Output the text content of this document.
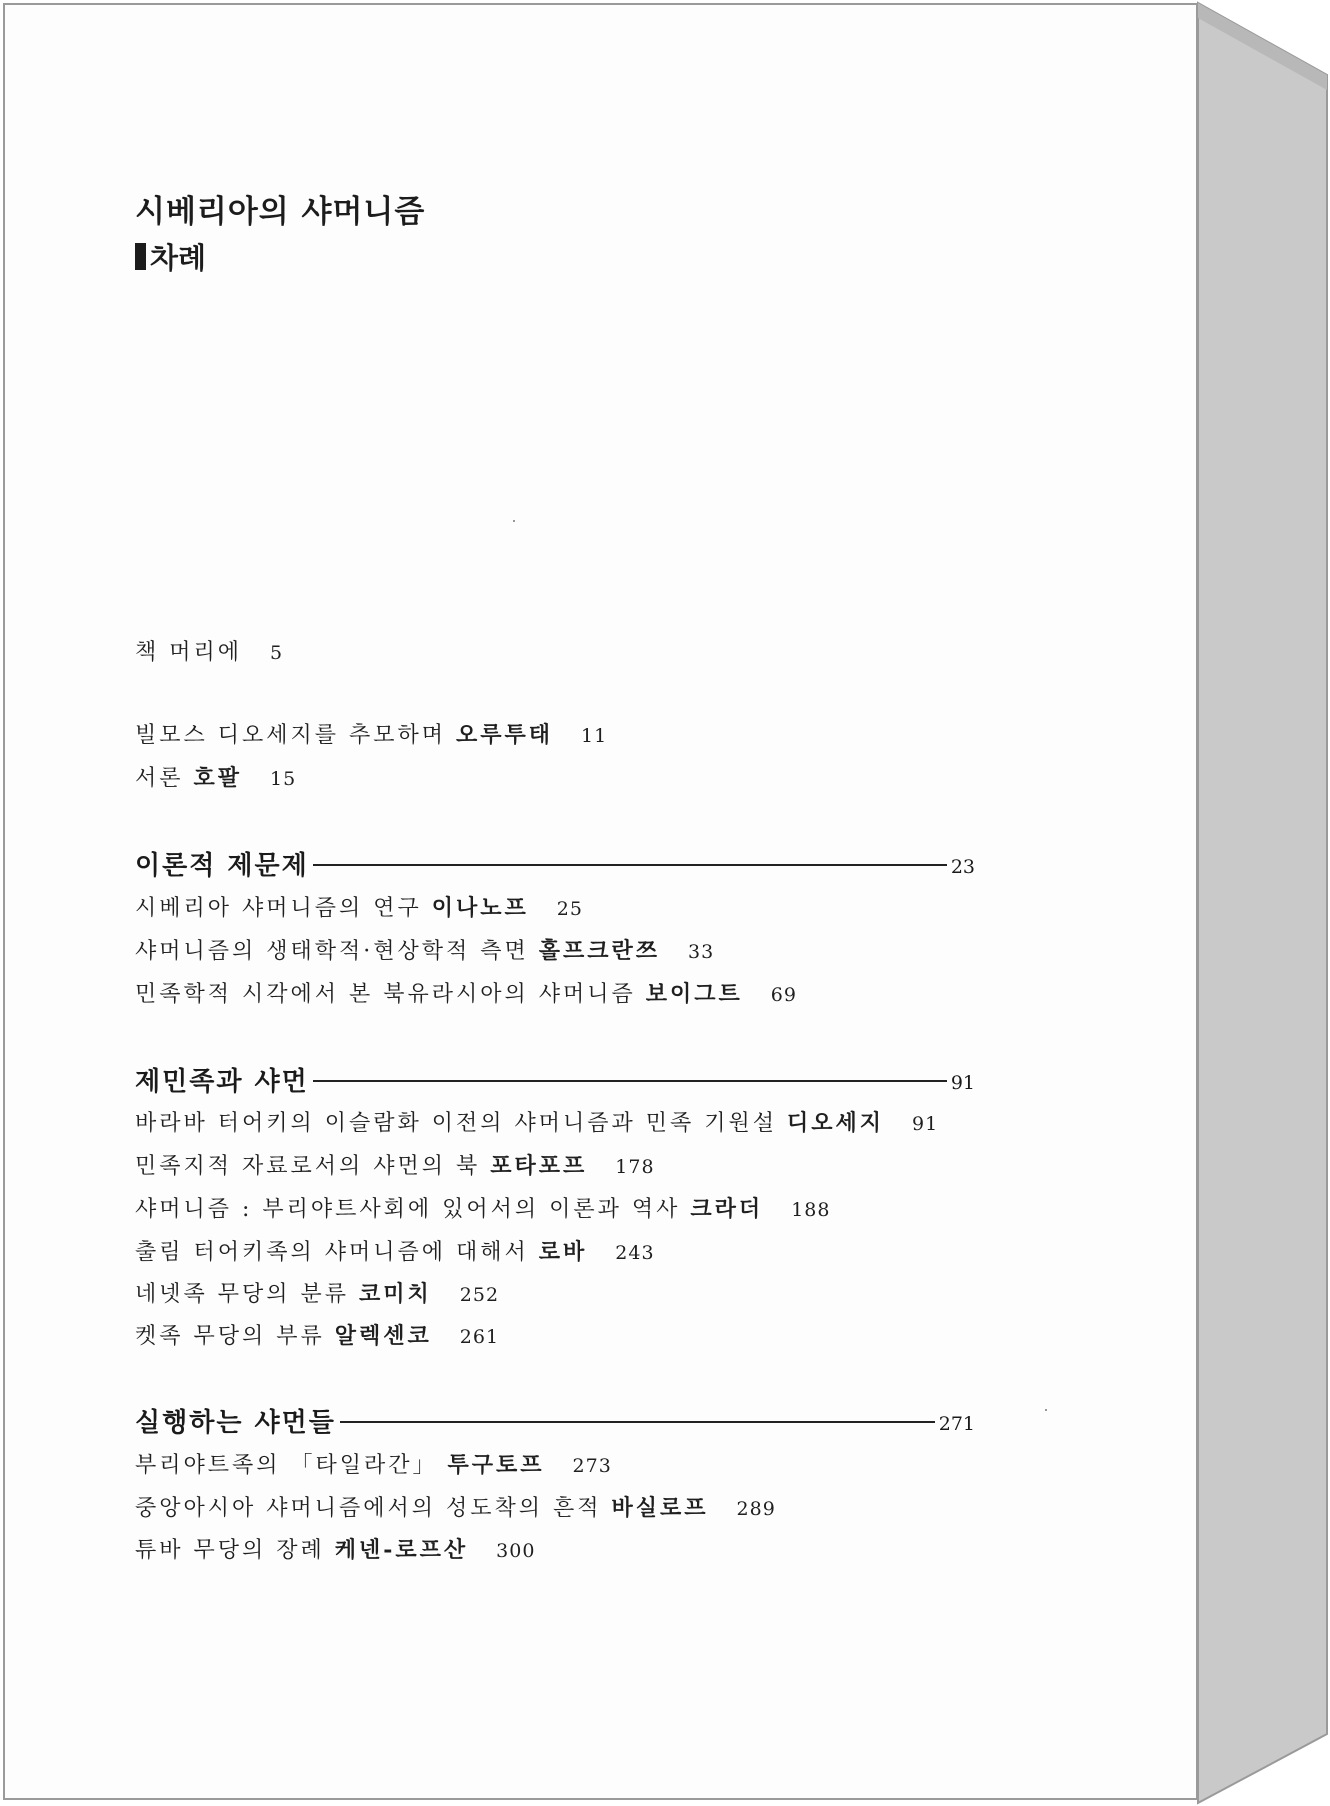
시베리아의 샤머니즘
차례
책 머리에 5
빌모스 디오세지를 추모하며 오루투태 11
서론 호팔 15
이론적 제문제	23
시베리아 샤머니즘의 연구 이나노프 25
샤머니즘의 생태학적·현상학적 측면 홀프크란쯔 33
민족학적 시각에서 본 북유라시아의 샤머니즘 보이그트 69
제민족과 샤먼	91
바라바 터어키의 이슬람화 이전의 샤머니즘과 민족 기원설 디오세지 91
민족지적 자료로서의 샤먼의 북 포타포프 178
샤머니즘 : 부리야트사회에 있어서의 이론과 역사 크라더 188
출림 터어키족의 샤머니즘에 대해서 로바 243
네넷족 무당의 분류 코미치 252
켓족 무당의 부류 알렉센코 261
실행하는 샤먼들	271
부리야트족의 「타일라간」 투구토프 273
중앙아시아 샤머니즘에서의 성도착의 흔적 바실로프 289
튜바 무당의 장례 케넨-로프산 300
